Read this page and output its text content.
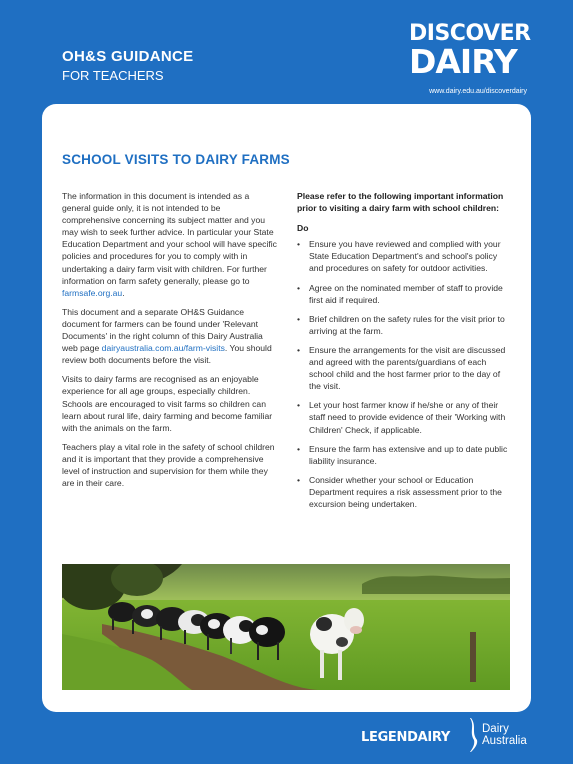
OH&S GUIDANCE
FOR TEACHERS
DISCOVER
DAIRY
www.dairy.edu.au/discoverdairy
SCHOOL VISITS TO DAIRY FARMS

The information in this document is intended as a general guide only, it is not intended to be comprehensive concerning its subject matter and you may wish to seek further advice. In particular your State Education Department and your school will have specific policies and procedures for you to comply with in undertaking a dairy farm visit with children. For further information on farm safety generally, please go to farmsafe.org.au.

This document and a separate OH&S Guidance document for farmers can be found under 'Relevant Documents' in the right column of this Dairy Australia web page dairyaustralia.com.au/farm-visits. You should review both documents before the visit.

Visits to dairy farms are recognised as an enjoyable experience for all age groups, especially children. Schools are encouraged to visit farms so children can learn about rural life, dairy farming and become familiar with the animals on the farm.

Teachers play a vital role in the safety of school children and it is important that they provide a comprehensive level of instruction and supervision for them while they are in their care.

Please refer to the following important information prior to visiting a dairy farm with school children:
Do
• Ensure you have reviewed and complied with your State Education Department's and school's policy and procedures on safety for outdoor activities.
• Agree on the nominated member of staff to provide first aid if required.
• Brief children on the safety rules for the visit prior to arriving at the farm.
• Ensure the arrangements for the visit are discussed and agreed with the parents/guardians of each school child and the host farmer prior to the day of the visit.
• Let your host farmer know if he/she or any of their staff need to provide evidence of their 'Working with Children' Check, if applicable.
• Ensure the farm has extensive and up to date public liability insurance.
• Consider whether your school or Education Department requires a risk assessment prior to the excursion being undertaken.
LEGENDAIRY
Dairy
Australia
